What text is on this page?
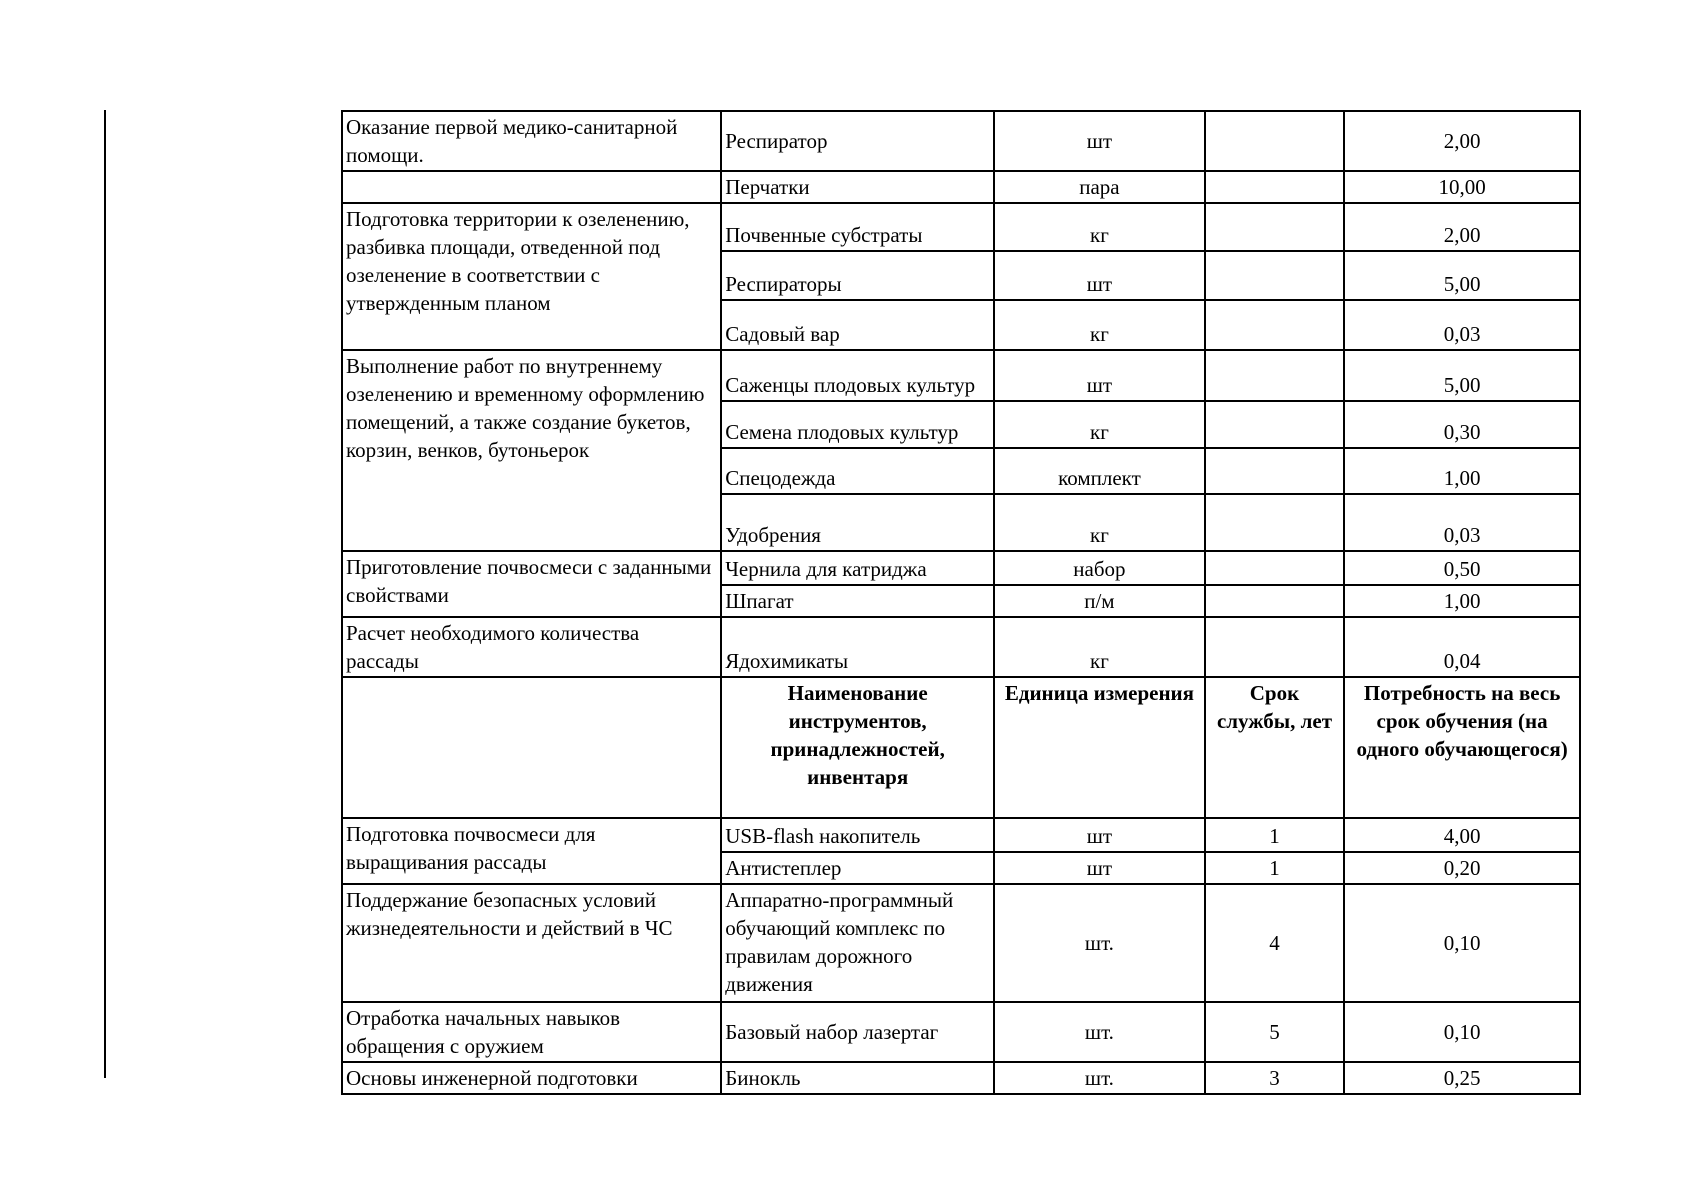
Оказание первой медико-санитарной помощи.	Респиратор	шт		2,00
	Перчатки	пара		10,00
Подготовка территории к озеленению, разбивка площади, отведенной под озеленение в соответствии с утвержденным планом	Почвенные субстраты	кг		2,00
	Респираторы	шт		5,00
	Садовый вар	кг		0,03
Выполнение работ по внутреннему озеленению и временному оформлению помещений, а также создание букетов, корзин, венков, бутоньерок	Саженцы плодовых культур	шт		5,00
	Семена плодовых культур	кг		0,30
	Спецодежда	комплект		1,00
	Удобрения	кг		0,03
Приготовление почвосмеси с заданными свойствами	Чернила для катриджа	набор		0,50
	Шпагат	п/м		1,00
Расчет необходимого количества рассады	Ядохимикаты	кг		0,04
	Наименование инструментов, принадлежностей, инвентаря	Единица измерения	Срок службы, лет	Потребность на весь срок обучения (на одного обучающегося)
Подготовка почвосмеси для выращивания рассады	USB-flash накопитель	шт	1	4,00
	Антистеплер	шт	1	0,20
Поддержание безопасных условий жизнедеятельности и действий в ЧС	Аппаратно-программный обучающий комплекс по правилам дорожного движения	шт.	4	0,10
Отработка начальных навыков обращения с оружием	Базовый набор лазертаг	шт.	5	0,10
Основы инженерной подготовки	Бинокль	шт.	3	0,25
